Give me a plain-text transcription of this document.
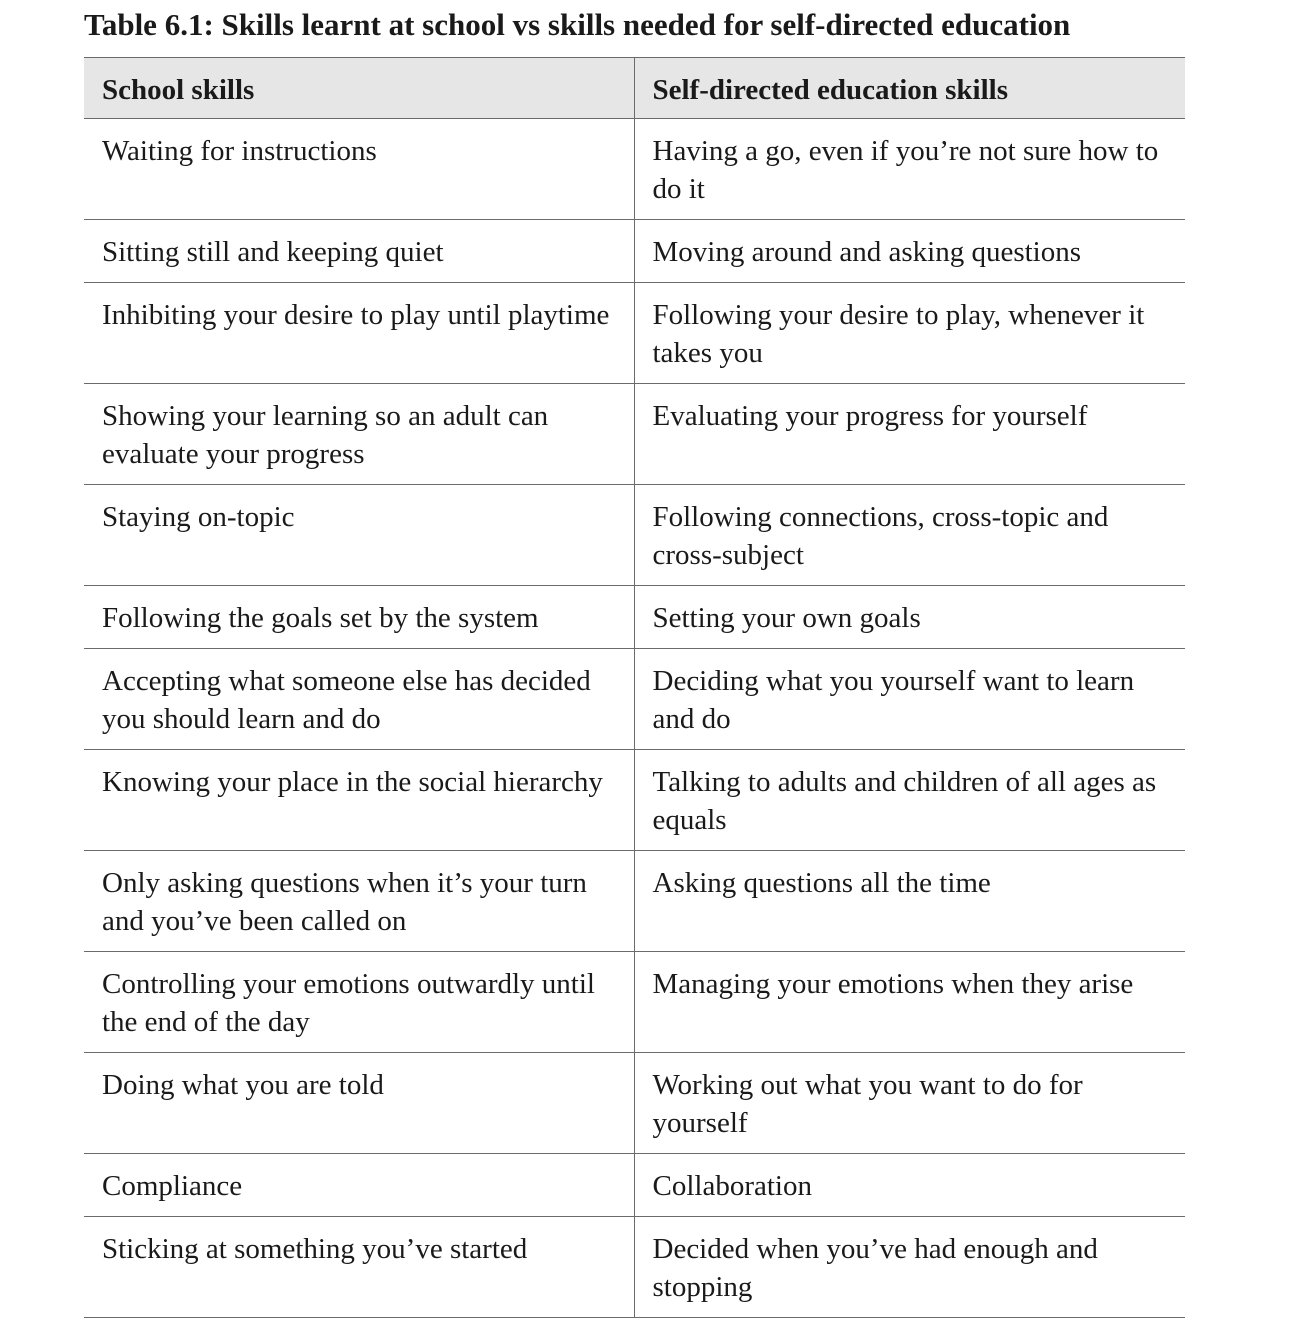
Table 6.1: Skills learnt at school vs skills needed for self-directed education
School skills	Self-directed education skills
Waiting for instructions	Having a go, even if you’re not sure how to do it
Sitting still and keeping quiet	Moving around and asking questions
Inhibiting your desire to play until playtime	Following your desire to play, whenever it takes you
Showing your learning so an adult can evaluate your progress	Evaluating your progress for yourself
Staying on-topic	Following connections, cross-topic and cross-subject
Following the goals set by the system	Setting your own goals
Accepting what someone else has decided you should learn and do	Deciding what you yourself want to learn and do
Knowing your place in the social hierarchy	Talking to adults and children of all ages as equals
Only asking questions when it’s your turn and you’ve been called on	Asking questions all the time
Controlling your emotions outwardly until the end of the day	Managing your emotions when they arise
Doing what you are told	Working out what you want to do for yourself
Compliance	Collaboration
Sticking at something you’ve started	Decided when you’ve had enough and stopping
